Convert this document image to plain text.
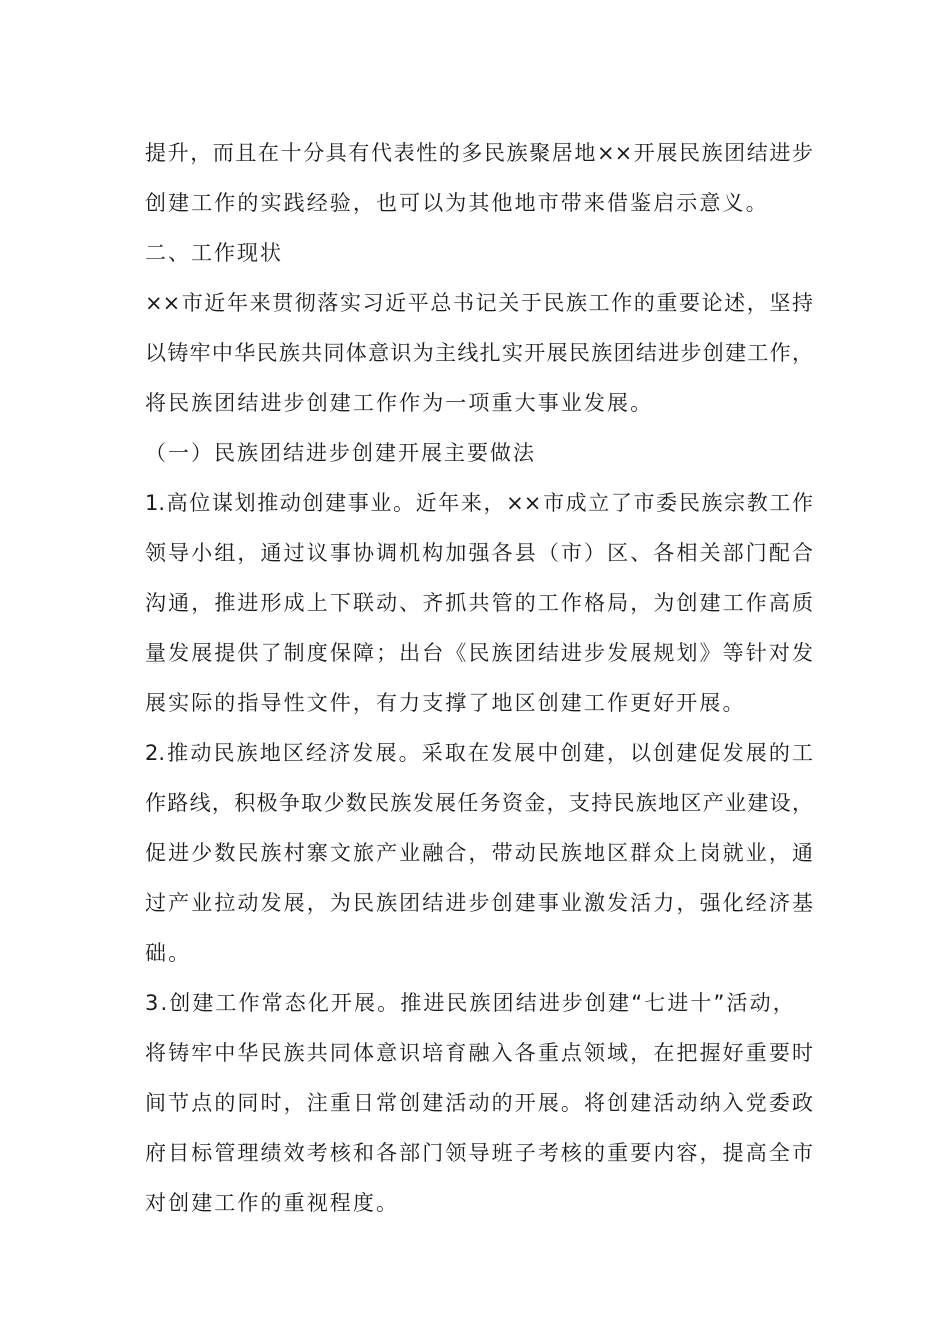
提升，而且在十分具有代表性的多民族聚居地××开展民族团结进步
创建工作的实践经验，也可以为其他地市带来借鉴启示意义。
二、工作现状
××市近年来贯彻落实习近平总书记关于民族工作的重要论述，坚持
以铸牢中华民族共同体意识为主线扎实开展民族团结进步创建工作，
将民族团结进步创建工作作为一项重大事业发展。
（一）民族团结进步创建开展主要做法
1.高位谋划推动创建事业。近年来，××市成立了市委民族宗教工作
领导小组，通过议事协调机构加强各县（市）区、各相关部门配合
沟通，推进形成上下联动、齐抓共管的工作格局，为创建工作高质
量发展提供了制度保障；出台《民族团结进步发展规划》等针对发
展实际的指导性文件，有力支撑了地区创建工作更好开展。
2.推动民族地区经济发展。采取在发展中创建，以创建促发展的工
作路线，积极争取少数民族发展任务资金，支持民族地区产业建设，
促进少数民族村寨文旅产业融合，带动民族地区群众上岗就业，通
过产业拉动发展，为民族团结进步创建事业激发活力，强化经济基
础。
3.创建工作常态化开展。推进民族团结进步创建“七进十”活动，
将铸牢中华民族共同体意识培育融入各重点领域，在把握好重要时
间节点的同时，注重日常创建活动的开展。将创建活动纳入党委政
府目标管理绩效考核和各部门领导班子考核的重要内容，提高全市
对创建工作的重视程度。
